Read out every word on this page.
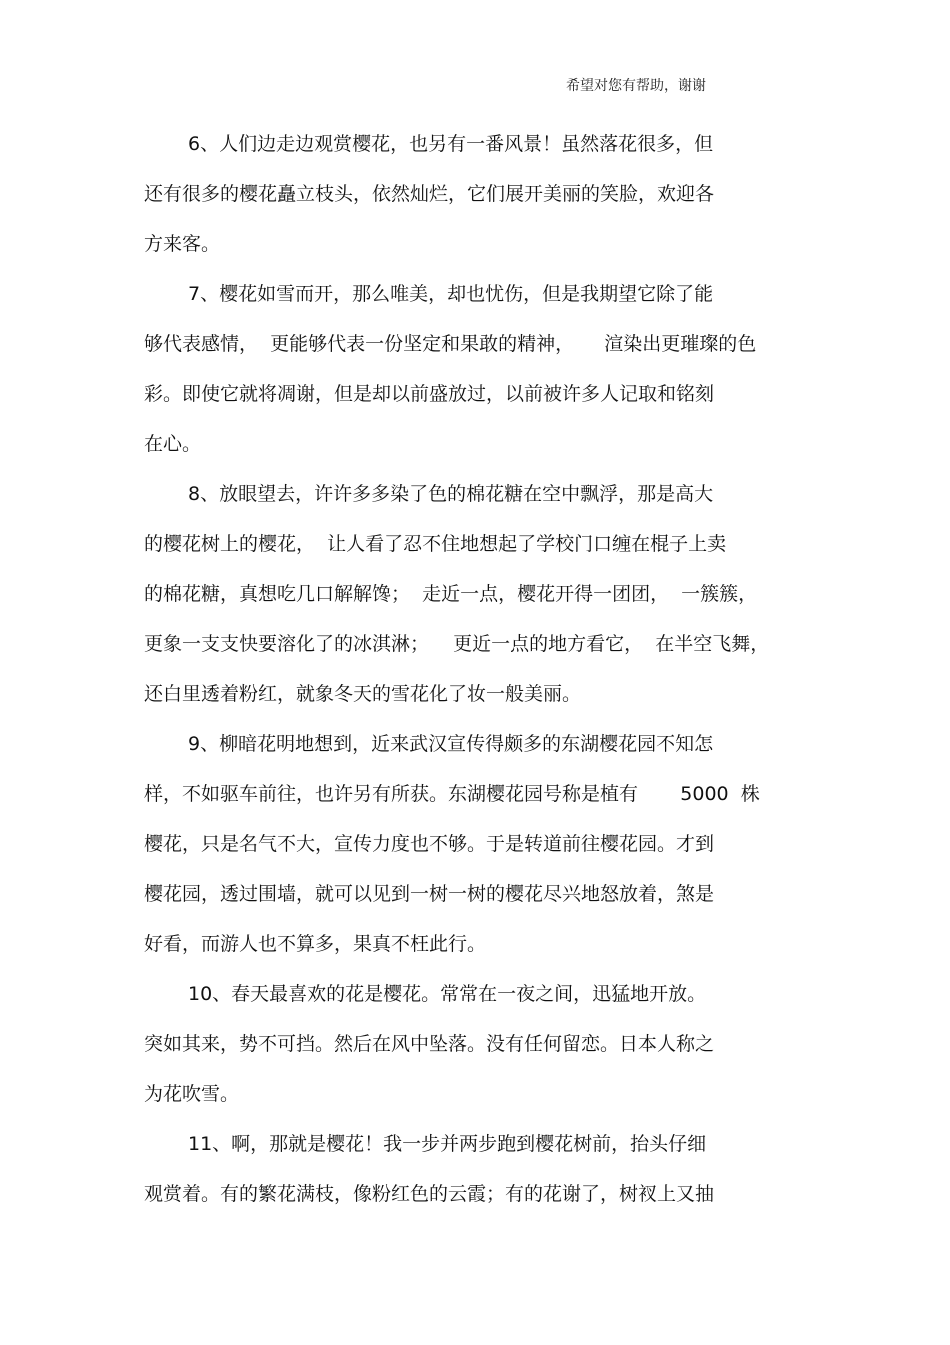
希望对您有帮助，谢谢
6、人们边走边观赏樱花，也另有一番风景！虽然落花很多，但
还有很多的樱花矗立枝头，依然灿烂，它们展开美丽的笑脸，欢迎各
方来客。
7、樱花如雪而开，那么唯美，却也忧伤，但是我期望它除了能
够代表感情，  更能够代表一份坚定和果敢的精神，     渲染出更璀璨的色
彩。即使它就将凋谢，但是却以前盛放过，以前被许多人记取和铭刻
在心。
8、放眼望去，许许多多染了色的棉花糖在空中飘浮，那是高大
的樱花树上的樱花，  让人看了忍不住地想起了学校门口缠在棍子上卖
的棉花糖，真想吃几口解解馋；  走近一点，樱花开得一团团，  一簇簇，
更象一支支快要溶化了的冰淇淋；    更近一点的地方看它，  在半空飞舞，
还白里透着粉红，就象冬天的雪花化了妆一般美丽。
9、柳暗花明地想到，近来武汉宣传得颇多的东湖樱花园不知怎
样，不如驱车前往，也许另有所获。东湖樱花园号称是植有       5000  株
樱花，只是名气不大，宣传力度也不够。于是转道前往樱花园。才到
樱花园，透过围墙，就可以见到一树一树的樱花尽兴地怒放着，煞是
好看，而游人也不算多，果真不枉此行。
10、春天最喜欢的花是樱花。常常在一夜之间，迅猛地开放。
突如其来，势不可挡。然后在风中坠落。没有任何留恋。日本人称之
为花吹雪。
11、啊，那就是樱花！我一步并两步跑到樱花树前，抬头仔细
观赏着。有的繁花满枝，像粉红色的云霞；有的花谢了，树衩上又抽
